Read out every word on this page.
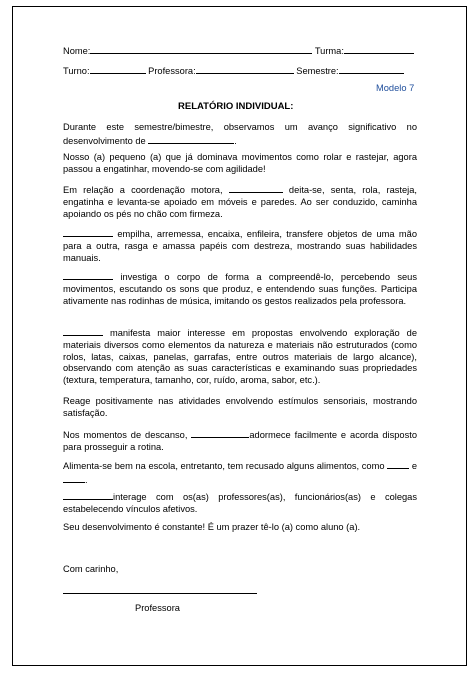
Nome:	Turma:
Turno:	Professora:	Semestre:
Modelo 7
RELATÓRIO INDIVIDUAL:
Durante este semestre/bimestre, observamos um avanço significativo no desenvolvimento de	.
Nosso (a) pequeno (a) que já dominava movimentos como rolar e rastejar, agora passou a engatinhar, movendo-se com agilidade!
Em relação a coordenação motora,	deita-se, senta, rola, rasteja, engatinha e levanta-se apoiado em móveis e paredes. Ao ser conduzido, caminha apoiando os pés no chão com firmeza.
empilha, arremessa, encaixa, enfileira, transfere objetos de uma mão para a outra, rasga e amassa papéis com destreza, mostrando suas habilidades manuais.
investiga o corpo de forma a compreendê-lo, percebendo seus movimentos, escutando os sons que produz, e entendendo suas funções. Participa ativamente nas rodinhas de música, imitando os gestos realizados pela professora.
manifesta maior interesse em propostas envolvendo exploração de materiais diversos como elementos da natureza e materiais não estruturados (como rolos, latas, caixas, panelas, garrafas, entre outros materiais de largo alcance), observando com atenção as suas características e examinando suas propriedades (textura, temperatura, tamanho, cor, ruído, aroma, sabor, etc.).
Reage positivamente nas atividades envolvendo estímulos sensoriais, mostrando satisfação.
Nos momentos de descanso,	adormece facilmente e acorda disposto para prosseguir a rotina.
Alimenta-se bem na escola, entretanto, tem recusado alguns alimentos, como	e .
interage com os(as) professores(as), funcionários(as) e colegas estabelecendo vínculos afetivos.
Seu desenvolvimento é constante! É um prazer tê-lo (a) como aluno (a).
Com carinho,
Professora
